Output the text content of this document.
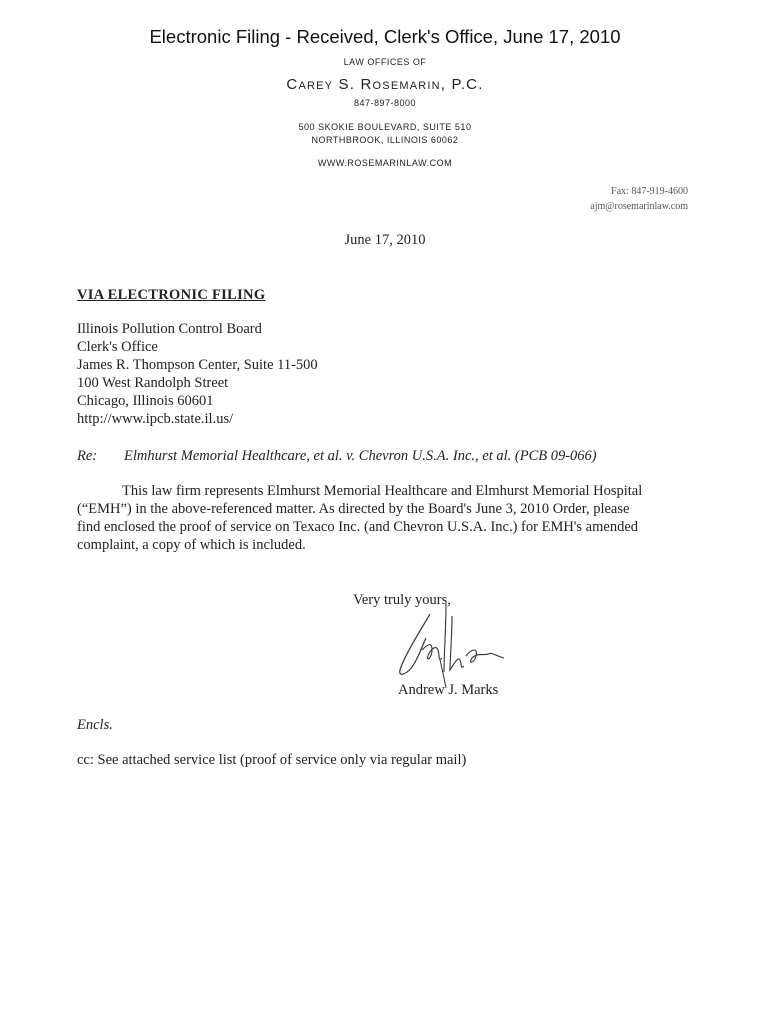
Electronic Filing - Received, Clerk's Office, June 17, 2010
LAW OFFICES OF
Carey S. Rosemarin, P.C.
847-897-8000
500 SKOKIE BOULEVARD, SUITE 510
NORTHBROOK, ILLINOIS 60062
WWW.ROSEMARINLAW.COM
Fax: 847-919-4600
ajm@rosemarinlaw.com
June 17, 2010
VIA ELECTRONIC FILING
Illinois Pollution Control Board
Clerk's Office
James R. Thompson Center, Suite 11-500
100 West Randolph Street
Chicago, Illinois 60601
http://www.ipcb.state.il.us/
Re: Elmhurst Memorial Healthcare, et al. v. Chevron U.S.A. Inc., et al. (PCB 09-066)
This law firm represents Elmhurst Memorial Healthcare and Elmhurst Memorial Hospital
(“EMH”) in the above-referenced matter. As directed by the Board's June 3, 2010 Order, please
find enclosed the proof of service on Texaco Inc. (and Chevron U.S.A. Inc.) for EMH's amended
complaint, a copy of which is included.
Very truly yours,
Andrew J. Marks
Encls.
cc: See attached service list (proof of service only via regular mail)
